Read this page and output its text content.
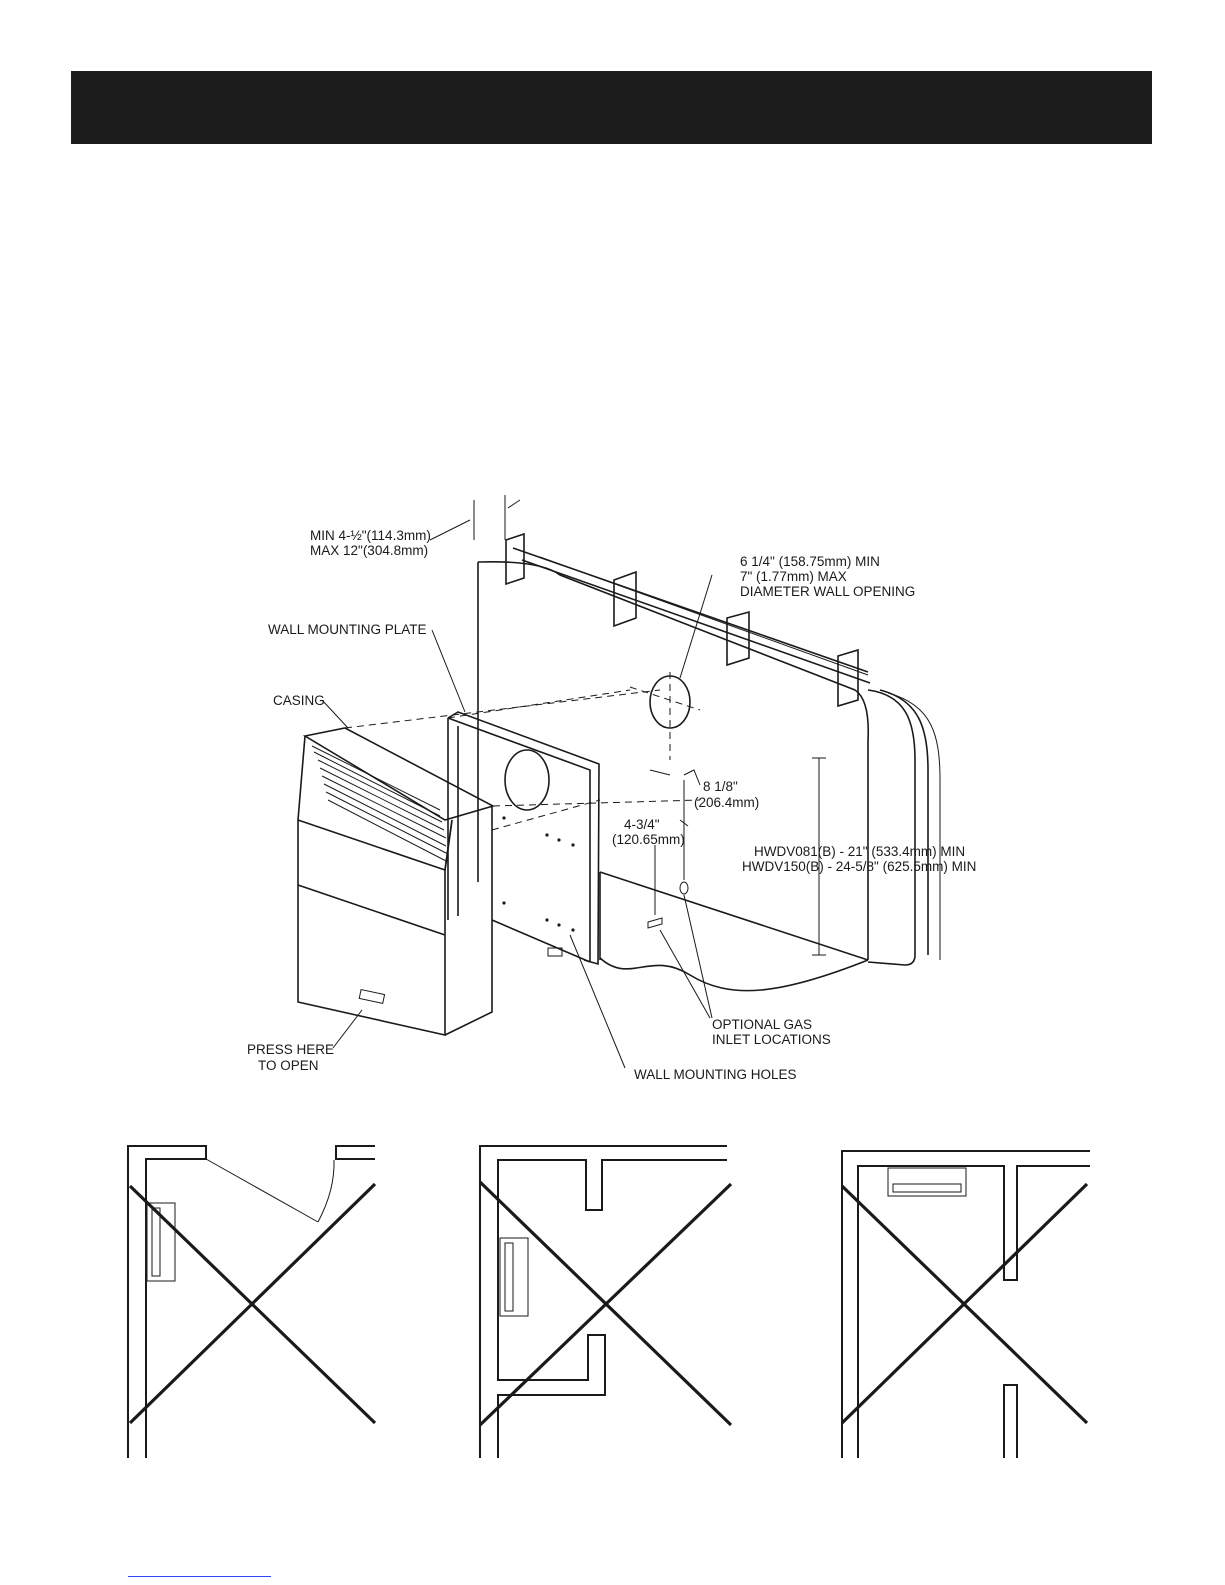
MIN 4-½"(114.3mm)
MAX 12"(304.8mm)
6 1/4" (158.75mm) MIN
7" (1.77mm) MAX
DIAMETER WALL OPENING
WALL MOUNTING PLATE
CASING
8 1/8"
(206.4mm)
4-3/4"
(120.65mm)
HWDV081(B) - 21" (533.4mm) MIN
HWDV150(B) - 24-5/8" (625.5mm) MIN
OPTIONAL GAS
INLET LOCATIONS
PRESS HERE
TO OPEN
WALL MOUNTING HOLES
